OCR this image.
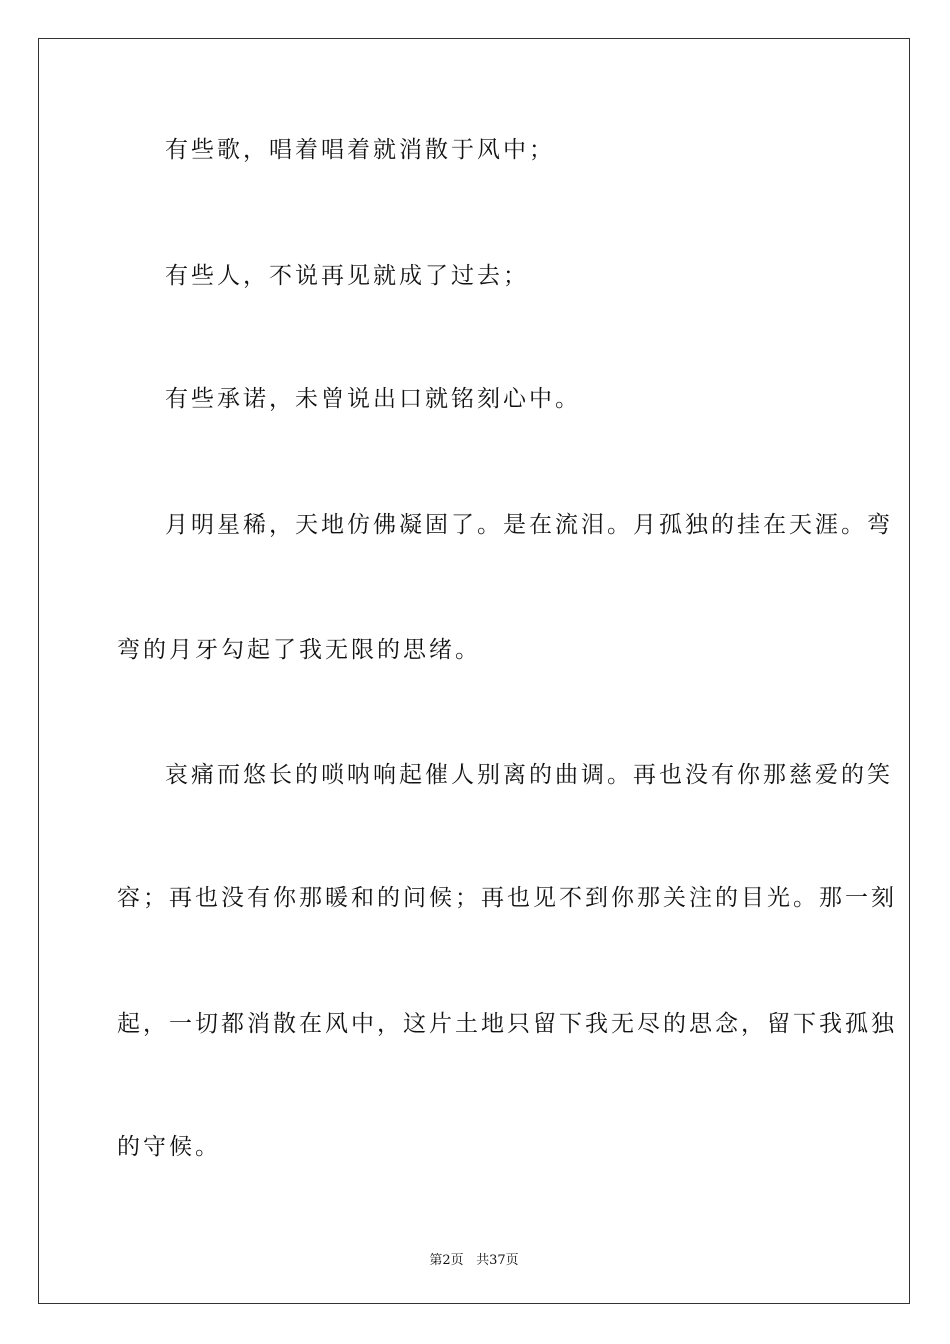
有些歌，唱着唱着就消散于风中；
有些人，不说再见就成了过去；
有些承诺，未曾说出口就铭刻心中。
月明星稀，天地仿佛凝固了。是在流泪。月孤独的挂在天涯。弯
弯的月牙勾起了我无限的思绪。
哀痛而悠长的唢呐响起催人别离的曲调。再也没有你那慈爱的笑
容；再也没有你那暖和的问候；再也见不到你那关注的目光。那一刻
起，一切都消散在风中，这片土地只留下我无尽的思念，留下我孤独
的守候。
第2页 共37页
